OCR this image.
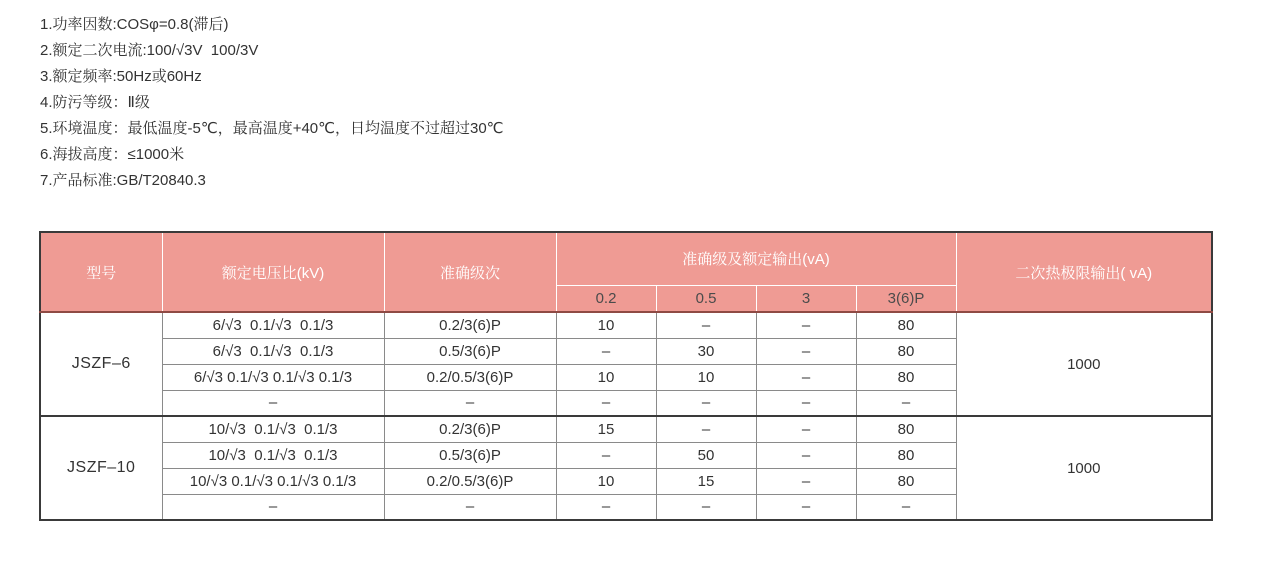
1.功率因数:COSφ=0.8(滞后)
2.额定二次电流:100/√3V  100/3V
3.额定频率:50Hz或60Hz
4.防污等级：Ⅱ级
5.环境温度：最低温度-5℃，最高温度+40℃，日均温度不过超过30℃
6.海拔高度：≤1000米
7.产品标准:GB/T20840.3
型号	额定电压比(kV)	准确级次	准确级及额定输出(vA)				二次热极限输出( vA)
			0.2	0.5	3	3(6)P	
JSZF–6	6/√3  0.1/√3  0.1/3	0.2/3(6)P	10	–	–	80	1000
	6/√3  0.1/√3  0.1/3	0.5/3(6)P	–	30	–	80	
	6/√3 0.1/√3 0.1/√3 0.1/3	0.2/0.5/3(6)P	10	10	–	80	
	–	–	–	–	–	–	
JSZF–10	10/√3  0.1/√3  0.1/3	0.2/3(6)P	15	–	–	80	1000
	10/√3  0.1/√3  0.1/3	0.5/3(6)P	–	50	–	80	
	10/√3 0.1/√3 0.1/√3 0.1/3	0.2/0.5/3(6)P	10	15	–	80	
	–	–	–	–	–	–	
